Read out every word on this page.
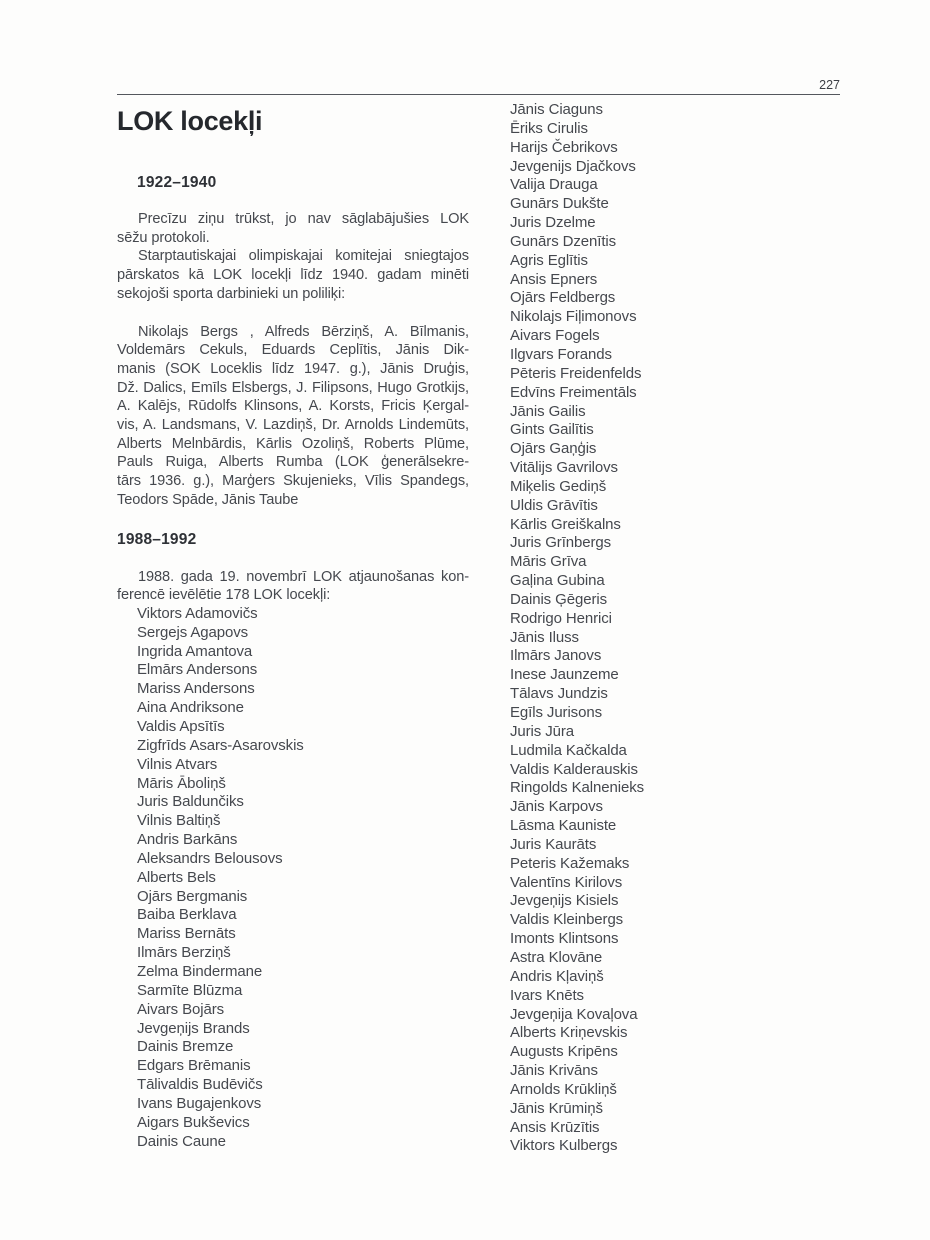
227
LOK locekļi
1922–1940
Precīzu ziņu trūkst, jo nav sāglabājušies LOK
sēžu protokoli.
Starptautiskajai olimpiskajai komitejai sniegtajos
pārskatos kā LOK locekļi līdz 1940. gadam minēti
sekojoši sporta darbinieki un poliliķi:
Nikolajs Bergs , Alfreds Bērziņš, A. Bīlmanis,
Voldemārs Cekuls, Eduards Ceplītis, Jānis Dik-
manis (SOK Loceklis līdz 1947. g.), Jānis Druģis,
Dž. Dalics, Emīls Elsbergs, J. Filipsons, Hugo Grotkijs,
A. Kalējs, Rūdolfs Klinsons, A. Korsts, Fricis Ķergal-
vis, A. Landsmans, V. Lazdiņš, Dr. Arnolds Lindemūts,
Alberts Melnbārdis, Kārlis Ozoliņš, Roberts Plūme,
Pauls Ruiga, Alberts Rumba (LOK ģenerālsekre-
tārs 1936. g.), Marģers Skujenieks, Vīlis Spandegs,
Teodors Spāde, Jānis Taube
1988–1992
1988. gada 19. novembrī LOK atjaunošanas kon-
ferencē ievēlētie 178 LOK locekļi:
Viktors Adamovičs
Sergejs Agapovs
Ingrida Amantova
Elmārs Andersons
Mariss Andersons
Aina Andriksone
Valdis Apsītīs
Zigfrīds Asars-Asarovskis
Vilnis Atvars
Māris Āboliņš
Juris Baldunčiks
Vilnis Baltiņš
Andris Barkāns
Aleksandrs Belousovs
Alberts Bels
Ojārs Bergmanis
Baiba Berklava
Mariss Bernāts
Ilmārs Berziņš
Zelma Bindermane
Sarmīte Blūzma
Aivars Bojārs
Jevgeņijs Brands
Dainis Bremze
Edgars Brēmanis
Tālivaldis Budēvičs
Ivans Bugajenkovs
Aigars Bukševics
Dainis Caune
Jānis Ciaguns
Ēriks Cirulis
Harijs Čebrikovs
Jevgenijs Djačkovs
Valija Drauga
Gunārs Dukšte
Juris Dzelme
Gunārs Dzenītis
Agris Eglītis
Ansis Epners
Ojārs Feldbergs
Nikolajs Fiļimonovs
Aivars Fogels
Ilgvars Forands
Pēteris Freidenfelds
Edvīns Freimentāls
Jānis Gailis
Gints Gailītis
Ojārs Gaņģis
Vitālijs Gavrilovs
Miķelis Gediņš
Uldis Grāvītis
Kārlis Greiškalns
Juris Grīnbergs
Māris Grīva
Gaļina Gubina
Dainis Ģēgeris
Rodrigo Henrici
Jānis Iluss
Ilmārs Janovs
Inese Jaunzeme
Tālavs Jundzis
Egīls Jurisons
Juris Jūra
Ludmila Kačkalda
Valdis Kalderauskis
Ringolds Kalnenieks
Jānis Karpovs
Lāsma Kauniste
Juris Kaurāts
Peteris Kažemaks
Valentīns Kirilovs
Jevgeņijs Kisiels
Valdis Kleinbergs
Imonts Klintsons
Astra Klovāne
Andris Kļaviņš
Ivars Knēts
Jevgeņija Kovaļova
Alberts Kriņevskis
Augusts Kripēns
Jānis Krivāns
Arnolds Krūkliņš
Jānis Krūmiņš
Ansis Krūzītis
Viktors Kulbergs
